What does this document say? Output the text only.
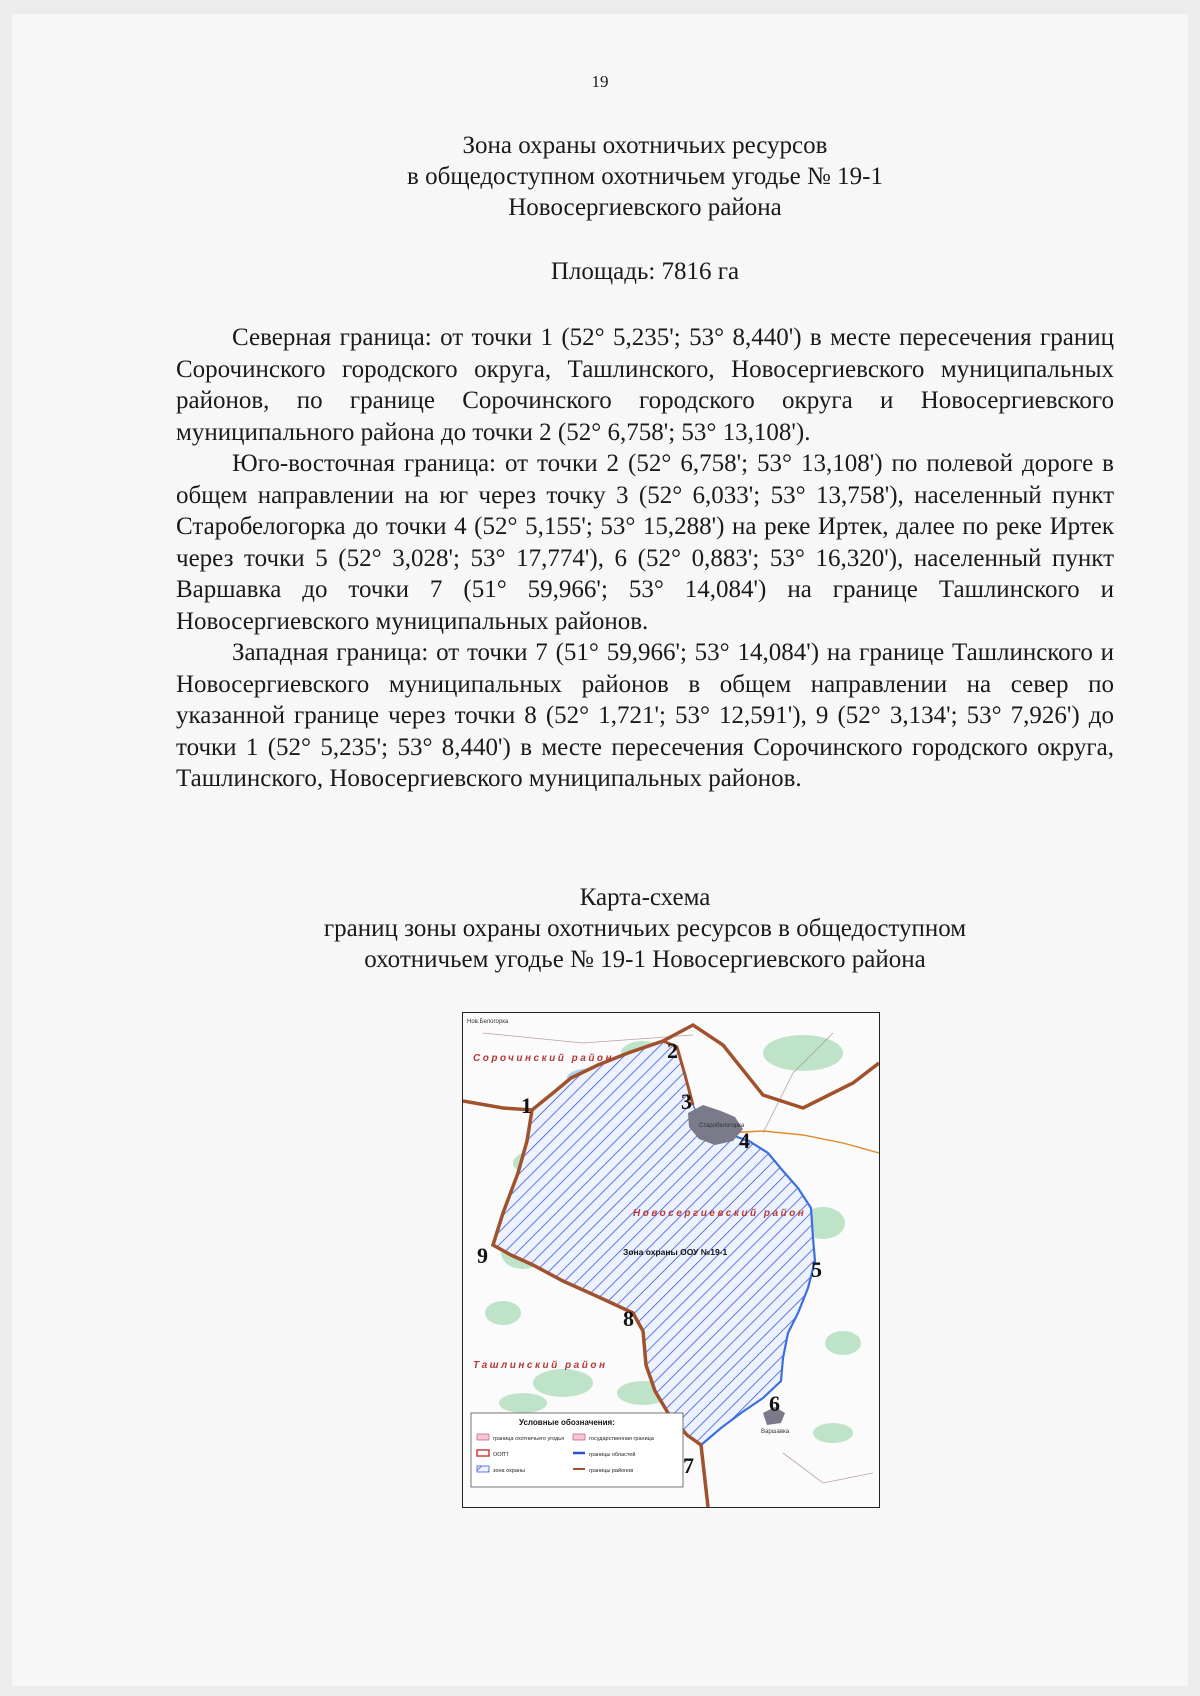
19
Зона охраны охотничьих ресурсов
в общедоступном охотничьем угодье № 19-1
Новосергиевского района
Площадь: 7816 га

Северная граница: от точки 1 (52° 5,235'; 53° 8,440') в месте пересечения границ Сорочинского городского округа, Ташлинского, Новосергиевского муниципальных районов, по границе Сорочинского городского округа и Новосергиевского муниципального района до точки 2 (52° 6,758'; 53° 13,108').

Юго-восточная граница: от точки 2 (52° 6,758'; 53° 13,108') по полевой дороге в общем направлении на юг через точку 3 (52° 6,033'; 53° 13,758'), населенный пункт Старобелогорка до точки 4 (52° 5,155'; 53° 15,288') на реке Иртек, далее по реке Иртек через точки 5 (52° 3,028'; 53° 17,774'), 6 (52° 0,883'; 53° 16,320'), населенный пункт Варшавка до точки 7 (51° 59,966'; 53° 14,084') на границе Ташлинского и Новосергиевского муниципальных районов.

Западная граница: от точки 7 (51° 59,966'; 53° 14,084') на границе Ташлинского и Новосергиевского муниципальных районов в общем направлении на север по указанной границе через точки 8 (52° 1,721'; 53° 12,591'), 9 (52° 3,134'; 53° 7,926') до точки 1 (52° 5,235'; 53° 8,440') в месте пересечения Сорочинского городского округа, Ташлинского, Новосергиевского муниципальных районов.

Карта-схема
границ зоны охраны охотничьих ресурсов в общедоступном
охотничьем угодье № 19-1 Новосергиевского района
Старобелогорка
Варшавка
Нов.Белогорка
Сорочинский район
Новосергиевский район
Ташлинский район
Зона охраны ООУ №19-1
1
2
3
4
5
6
7
8
9
Условные обозначения:
граница охотничьего угодья
ООПТ
зона охраны
государственная граница
границы областей
границы районов
